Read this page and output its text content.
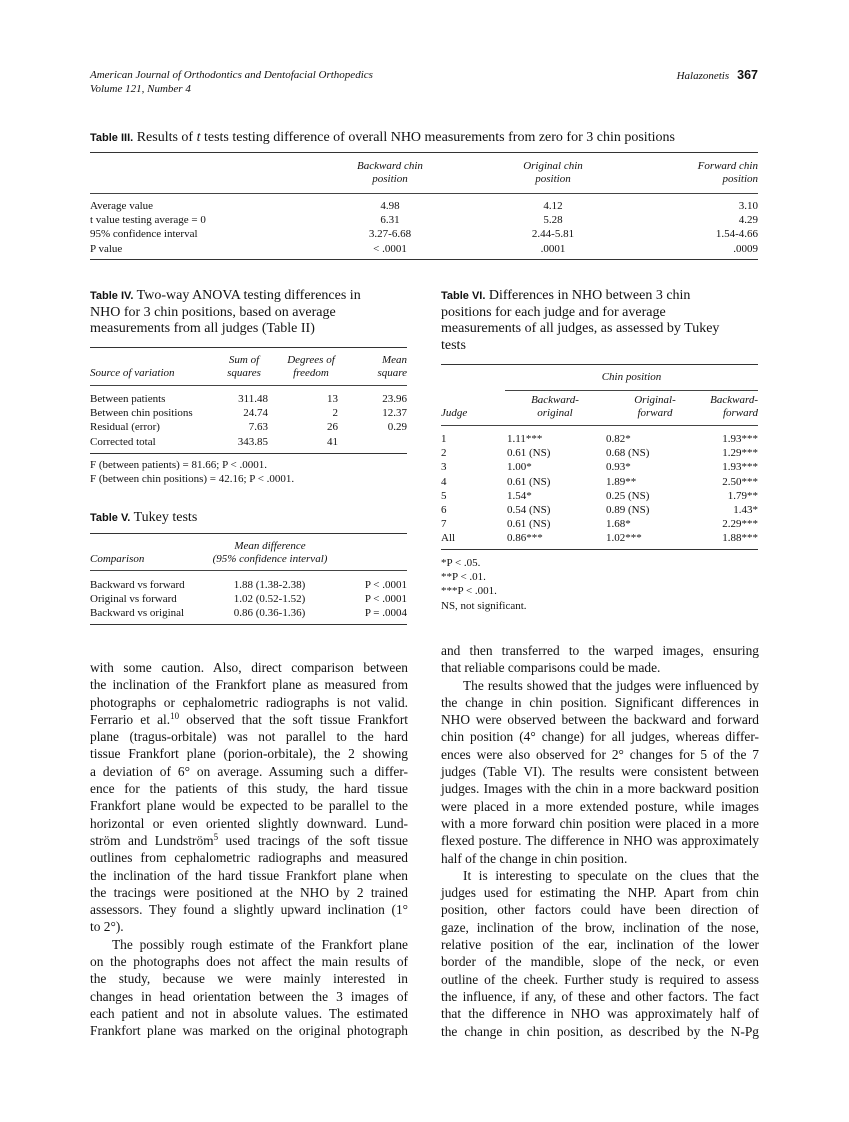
American Journal of Orthodontics and Dentofacial Orthopedics
Volume 121, Number 4
Halazonetis 367
Table III. Results of t tests testing difference of overall NHO measurements from zero for 3 chin positions

Backward chin
position

Original chin
position

Forward chin
position
Average value	4.98	4.12	3.10
t value testing average = 0	6.31	5.28	4.29
95% confidence interval	3.27-6.68	2.44-5.81	1.54-4.66
P value	< .0001	.0001	.0009
Table IV. Two-way ANOVA testing differences in
NHO for 3 chin positions, based on average
measurements from all judges (Table II)
Source of variation

Sum of
squares

Degrees of
freedom

Mean
square
Between patients	311.48	13	23.96
Between chin positions	24.74	2	12.37
Residual (error)	7.63	26	0.29
Corrected total	343.85	41	
F (between patients) = 81.66; P < .0001.
F (between chin positions) = 42.16; P < .0001.
Table V. Tukey tests
Comparison	
Mean difference
(95% confidence interval)

Backward vs forward	1.88 (1.38-2.38)	P < .0001
Original vs forward	1.02 (0.52-1.52)	P < .0001
Backward vs original	0.86 (0.36-1.36)	P = .0004
Table VI. Differences in NHO between 3 chin
positions for each judge and for average
measurements of all judges, as assessed by Tukey
tests
Chin position
Judge	
Backward-
original

Original-
forward

Backward-
forward
1	1.11***	0.82*	1.93***
2	0.61 (NS)	0.68 (NS)	1.29***
3	1.00*	0.93*	1.93***
4	0.61 (NS)	1.89**	2.50***
5	1.54*	0.25 (NS)	1.79**
6	0.54 (NS)	0.89 (NS)	1.43*
7	0.61 (NS)	1.68*	2.29***
All	0.86***	1.02***	1.88***
*P < .05.
**P < .01.
***P < .001.
NS, not significant.
with some caution. Also, direct comparison between
the inclination of the Frankfort plane as measured from
photographs or cephalometric radiographs is not valid.
Ferrario et al.$^{10}$ observed that the soft tissue Frankfort
plane (tragus-orbitale) was not parallel to the hard
tissue Frankfort plane (porion-orbitale), the 2 showing
a deviation of 6° on average. Assuming such a differ-
ence for the patients of this study, the hard tissue
Frankfort plane would be expected to be parallel to the
horizontal or even oriented slightly downward. Lund-
ström and Lundström$^5$ used tracings of the soft tissue
outlines from cephalometric radiographs and measured
the inclination of the hard tissue Frankfort plane when
the tracings were positioned at the NHO by 2 trained
assessors. They found a slightly upward inclination (1°
to 2°).
The possibly rough estimate of the Frankfort plane
on the photographs does not affect the main results of
the study, because we were mainly interested in
changes in head orientation between the 3 images of
each patient and not in absolute values. The estimated
Frankfort plane was marked on the original photograph
and then transferred to the warped images, ensuring
that reliable comparisons could be made.
The results showed that the judges were influenced by
the change in chin position. Significant differences in
NHO were observed between the backward and forward
chin position (4° change) for all judges, whereas differ-
ences were also observed for 2° changes for 5 of the 7
judges (Table VI). The results were consistent between
judges. Images with the chin in a more backward position
were placed in a more extended posture, while images
with a more forward chin position were placed in a more
flexed posture. The difference in NHO was approximately
half of the change in chin position.
It is interesting to speculate on the clues that the
judges used for estimating the NHP. Apart from chin
position, other factors could have been direction of
gaze, inclination of the brow, inclination of the nose,
relative position of the ear, inclination of the lower
border of the mandible, slope of the neck, or even
outline of the cheek. Further study is required to assess
the influence, if any, of these and other factors. The fact
that the difference in NHO was approximately half of
the change in chin position, as described by the N-Pg
